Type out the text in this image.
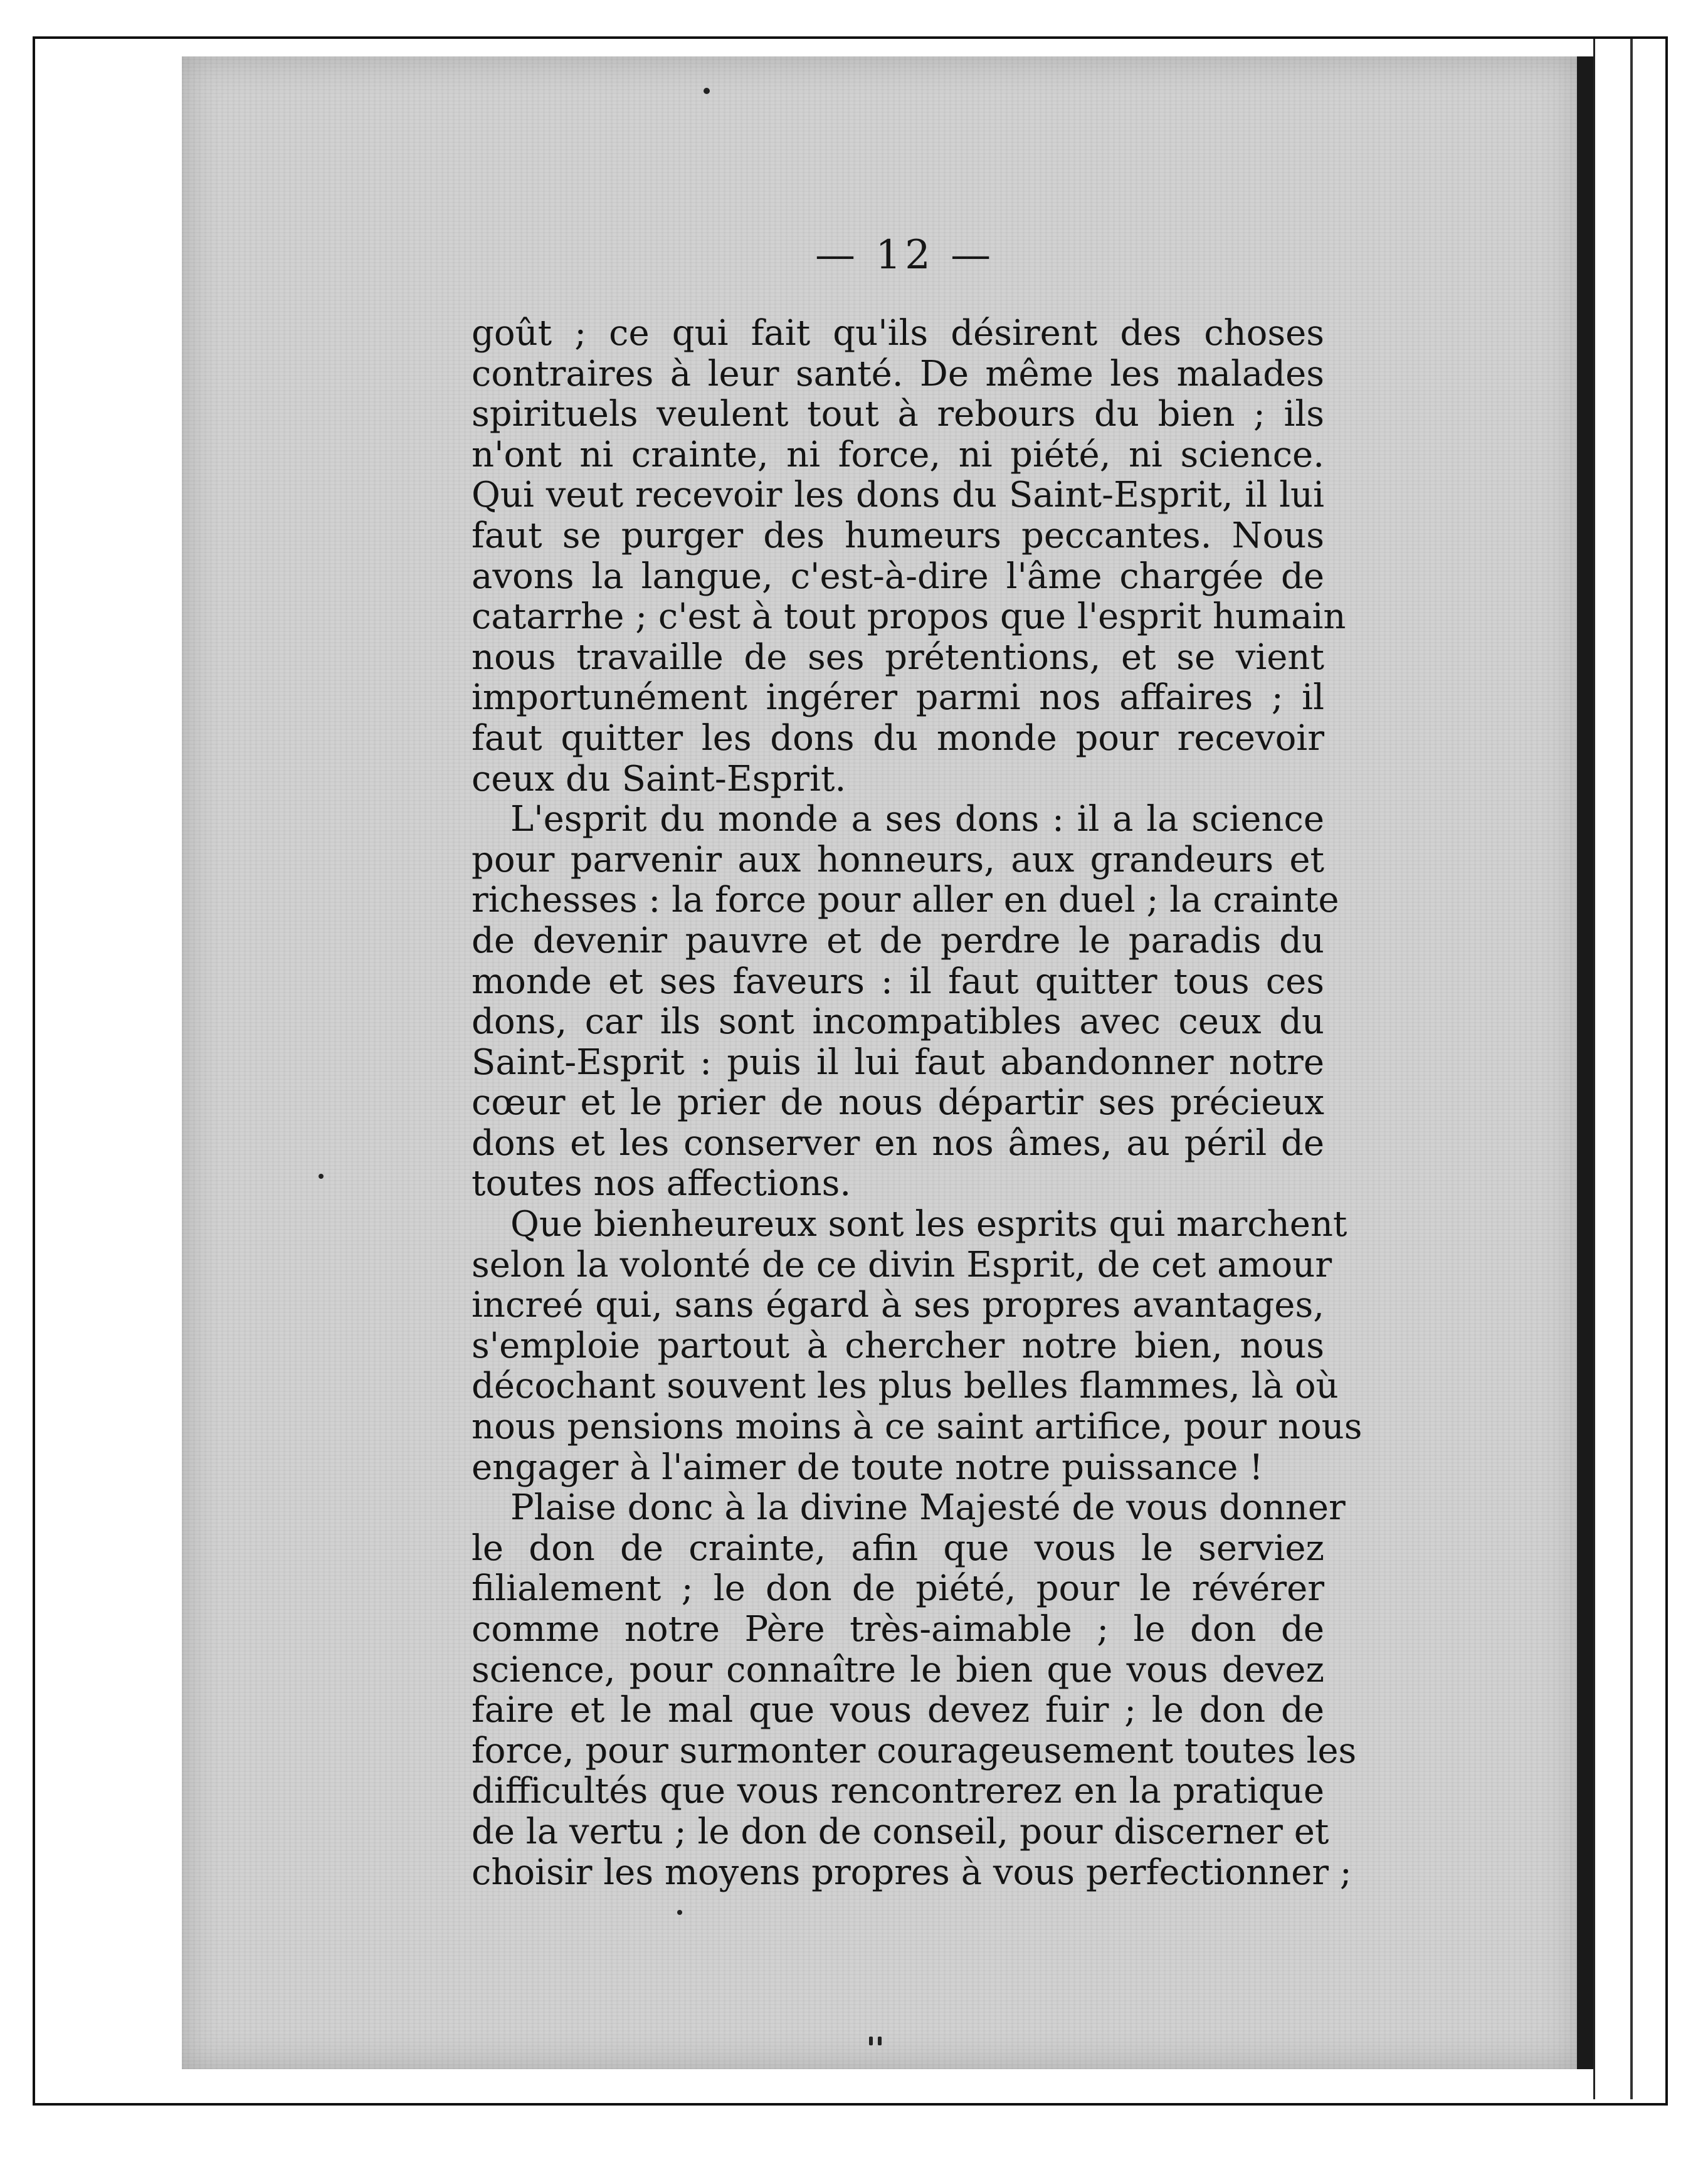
— 12 —

goût ; ce qui fait qu'ils désirent des choses
contraires à leur santé. De même les malades
spirituels veulent tout à rebours du bien ; ils
n'ont ni crainte, ni force, ni piété, ni science.
Qui veut recevoir les dons du Saint-Esprit, il lui
faut se purger des humeurs peccantes. Nous
avons la langue, c'est-à-dire l'âme chargée de
catarrhe ; c'est à tout propos que l'esprit humain
nous travaille de ses prétentions, et se vient
importunément ingérer parmi nos affaires ; il
faut quitter les dons du monde pour recevoir
ceux du Saint-Esprit.

L'esprit du monde a ses dons : il a la science
pour parvenir aux honneurs, aux grandeurs et
richesses : la force pour aller en duel ; la crainte
de devenir pauvre et de perdre le paradis du
monde et ses faveurs : il faut quitter tous ces
dons, car ils sont incompatibles avec ceux du
Saint-Esprit : puis il lui faut abandonner notre
cœur et le prier de nous départir ses précieux
dons et les conserver en nos âmes, au péril de
toutes nos affections.

Que bienheureux sont les esprits qui marchent
selon la volonté de ce divin Esprit, de cet amour
increé qui, sans égard à ses propres avantages,
s'emploie partout à chercher notre bien, nous
décochant souvent les plus belles flammes, là où
nous pensions moins à ce saint artifice, pour nous
engager à l'aimer de toute notre puissance !

Plaise donc à la divine Majesté de vous donner
le don de crainte, afin que vous le serviez
filialement ; le don de piété, pour le révérer
comme notre Père très-aimable ; le don de
science, pour connaître le bien que vous devez
faire et le mal que vous devez fuir ; le don de
force, pour surmonter courageusement toutes les
difficultés que vous rencontrerez en la pratique
de la vertu ; le don de conseil, pour discerner et
choisir les moyens propres à vous perfectionner ;
